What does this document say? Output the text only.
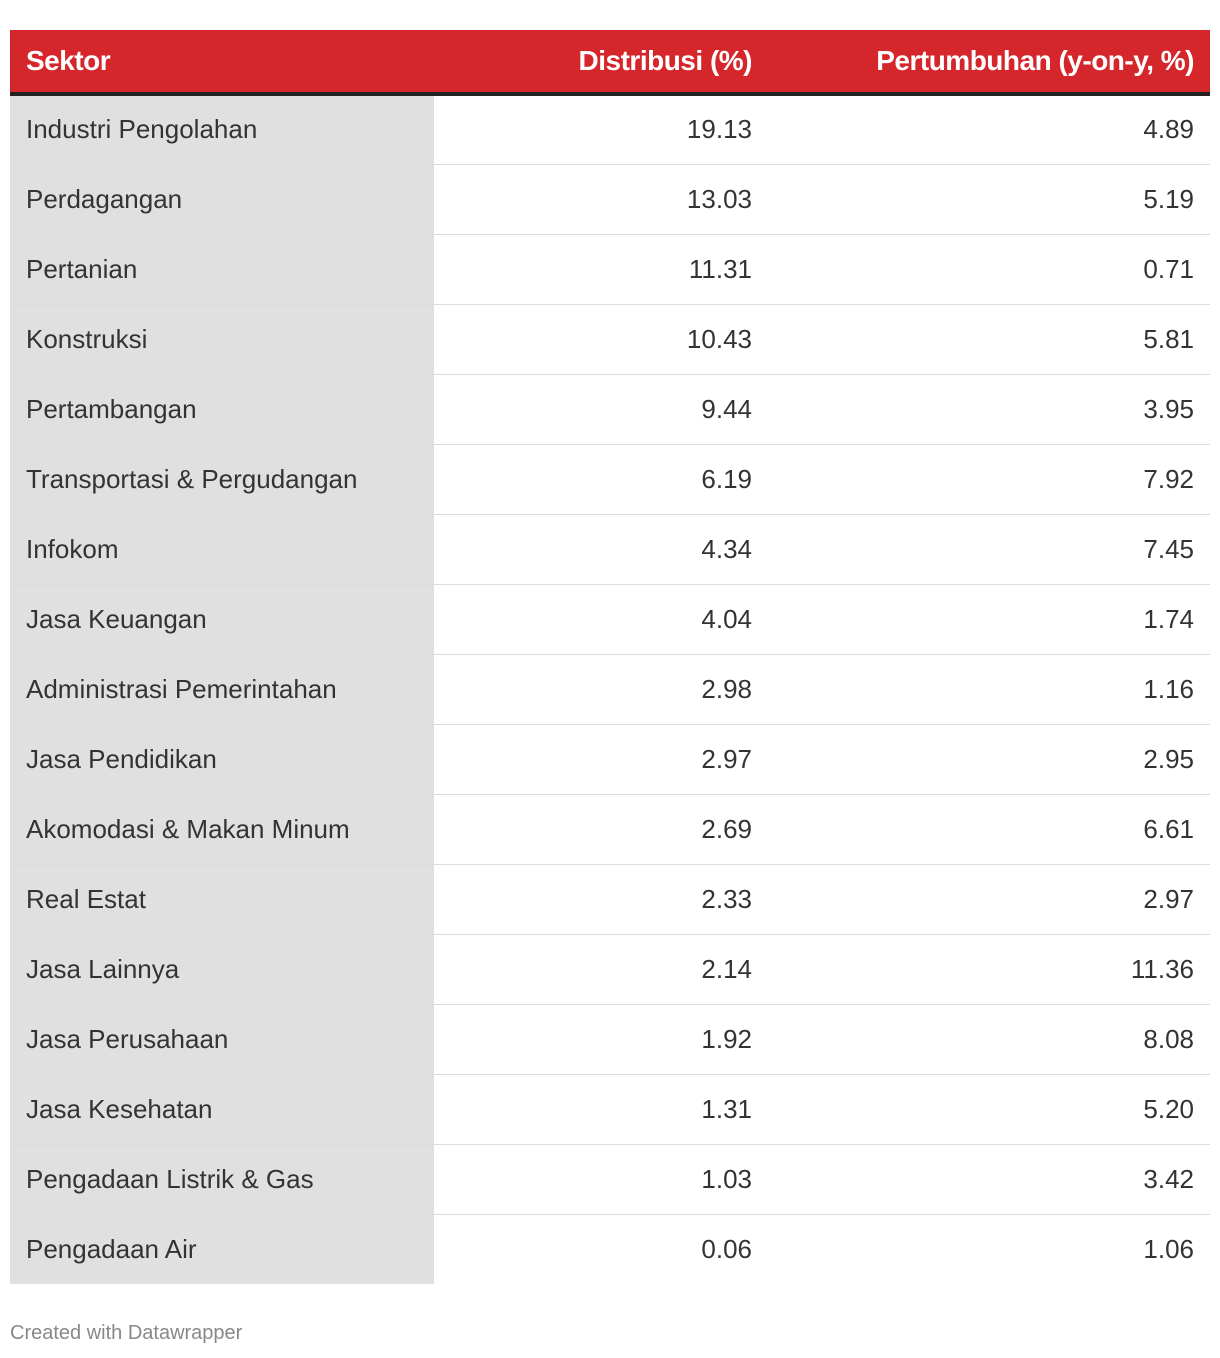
Sektor	Distribusi (%)	Pertumbuhan (y-on-y, %)
Industri Pengolahan	19.13	4.89
Perdagangan	13.03	5.19
Pertanian	11.31	0.71
Konstruksi	10.43	5.81
Pertambangan	9.44	3.95
Transportasi & Pergudangan	6.19	7.92
Infokom	4.34	7.45
Jasa Keuangan	4.04	1.74
Administrasi Pemerintahan	2.98	1.16
Jasa Pendidikan	2.97	2.95
Akomodasi & Makan Minum	2.69	6.61
Real Estat	2.33	2.97
Jasa Lainnya	2.14	11.36
Jasa Perusahaan	1.92	8.08
Jasa Kesehatan	1.31	5.20
Pengadaan Listrik & Gas	1.03	3.42
Pengadaan Air	0.06	1.06
Created with Datawrapper
